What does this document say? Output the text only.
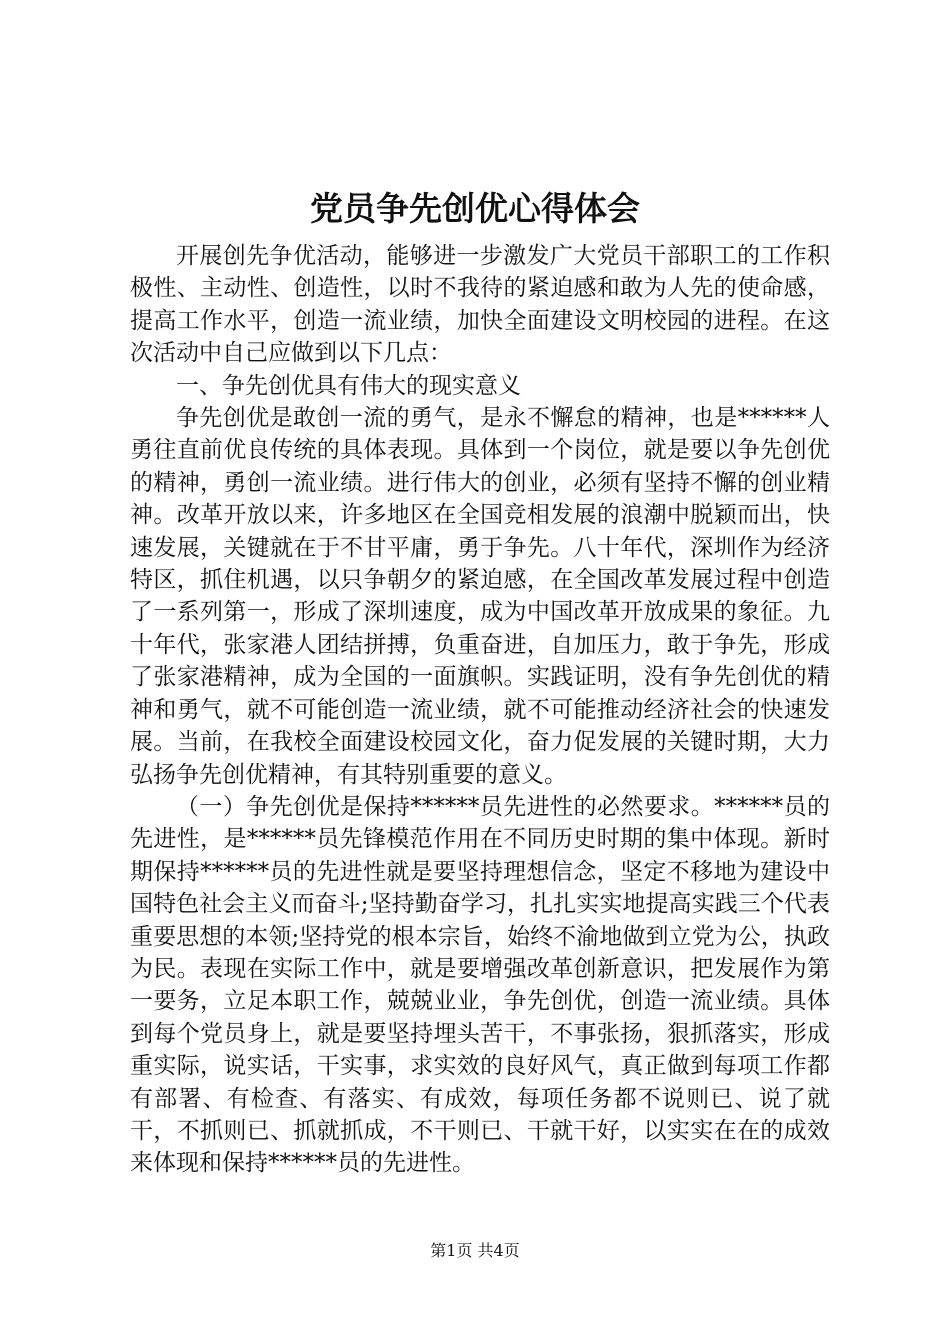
党员争先创优心得体会

开展创先争优活动，能够进一步激发广大党员干部职工的工作积极性、主动性、创造性，以时不我待的紧迫感和敢为人先的使命感，提高工作水平，创造一流业绩，加快全面建设文明校园的进程。在这次活动中自己应做到以下几点：

一、争先创优具有伟大的现实意义

争先创优是敢创一流的勇气，是永不懈怠的精神，也是******人勇往直前优良传统的具体表现。具体到一个岗位，就是要以争先创优的精神，勇创一流业绩。进行伟大的创业，必须有坚持不懈的创业精神。改革开放以来，许多地区在全国竞相发展的浪潮中脱颖而出，快速发展，关键就在于不甘平庸，勇于争先。八十年代，深圳作为经济特区，抓住机遇，以只争朝夕的紧迫感，在全国改革发展过程中创造了一系列第一，形成了深圳速度，成为中国改革开放成果的象征。九十年代，张家港人团结拼搏，负重奋进，自加压力，敢于争先，形成了张家港精神，成为全国的一面旗帜。实践证明，没有争先创优的精神和勇气，就不可能创造一流业绩，就不可能推动经济社会的快速发展。当前，在我校全面建设校园文化，奋力促发展的关键时期，大力弘扬争先创优精神，有其特别重要的意义。

（一）争先创优是保持******员先进性的必然要求。******员的先进性，是******员先锋模范作用在不同历史时期的集中体现。新时期保持******员的先进性就是要坚持理想信念，坚定不移地为建设中国特色社会主义而奋斗;坚持勤奋学习，扎扎实实地提高实践三个代表重要思想的本领;坚持党的根本宗旨，始终不渝地做到立党为公，执政为民。表现在实际工作中，就是要增强改革创新意识，把发展作为第一要务，立足本职工作，兢兢业业，争先创优，创造一流业绩。具体到每个党员身上，就是要坚持埋头苦干，不事张扬，狠抓落实，形成重实际，说实话，干实事，求实效的良好风气，真正做到每项工作都有部署、有检查、有落实、有成效，每项任务都不说则已、说了就干，不抓则已、抓就抓成，不干则已、干就干好，以实实在在的成效来体现和保持******员的先进性。

第1页 共4页
